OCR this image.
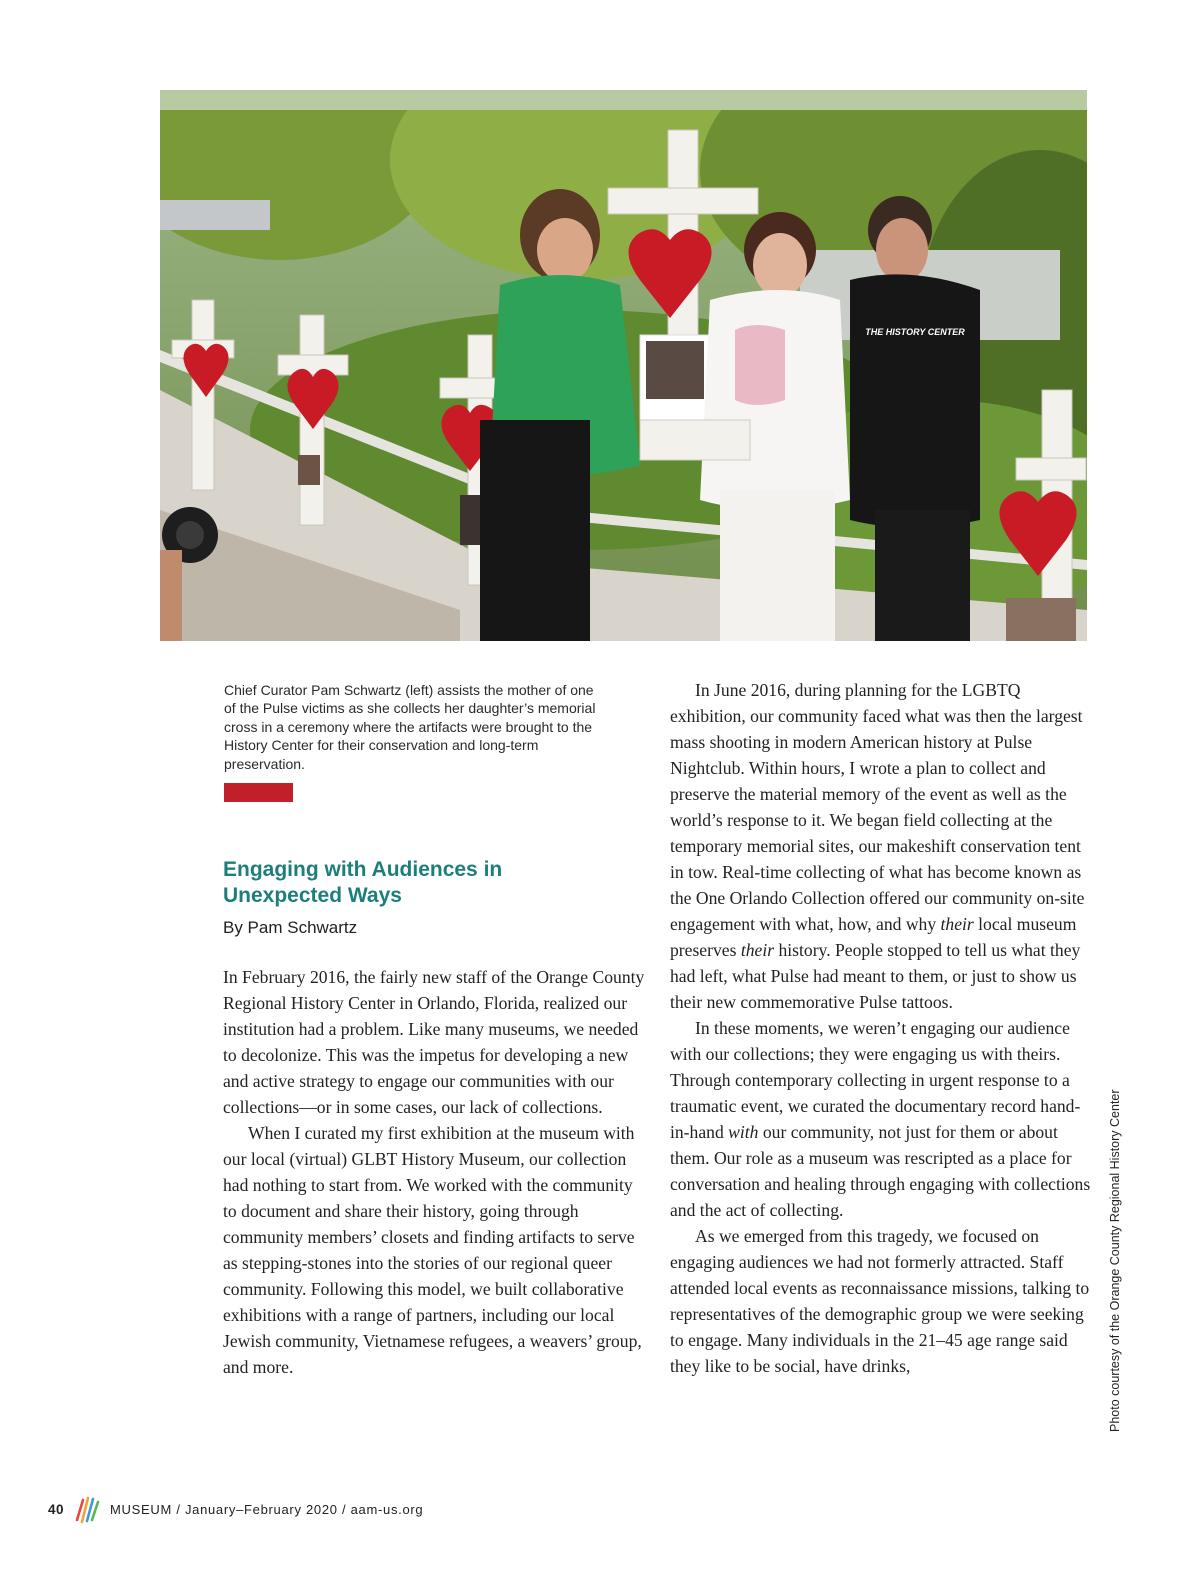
THE HISTORY CENTER

Chief Curator Pam Schwartz (left) assists the mother of one of the Pulse victims as she collects her daughter’s memorial cross in a ceremony where the artifacts were brought to the History Center for their conservation and long-term preservation.

Engaging with Audiences in Unexpected Ways

By Pam Schwartz

In February 2016, the fairly new staff of the Orange County Regional History Center in Orlando, Florida, realized our institution had a problem. Like many museums, we needed to decolonize. This was the impetus for developing a new and active strategy to engage our communities with our collections—or in some cases, our lack of collections.

When I curated my first exhibition at the museum with our local (virtual) GLBT History Museum, our collection had nothing to start from. We worked with the community to document and share their history, going through community members’ closets and finding artifacts to serve as stepping-stones into the stories of our regional queer community. Following this model, we built collaborative exhibitions with a range of partners, including our local Jewish community, Vietnamese refugees, a weavers’ group, and more.

In June 2016, during planning for the LGBTQ exhibition, our community faced what was then the largest mass shooting in modern American history at Pulse Nightclub. Within hours, I wrote a plan to collect and preserve the material memory of the event as well as the world’s response to it. We began field collecting at the temporary memorial sites, our makeshift conservation tent in tow. Real-time collecting of what has become known as the One Orlando Collection offered our community on-site engagement with what, how, and why their local museum preserves their history. People stopped to tell us what they had left, what Pulse had meant to them, or just to show us their new commemorative Pulse tattoos.

In these moments, we weren’t engaging our audience with our collections; they were engaging us with theirs. Through contemporary collecting in urgent response to a traumatic event, we curated the documentary record hand-in-hand with our community, not just for them or about them. Our role as a museum was rescripted as a place for conversation and healing through engaging with collections and the act of collecting.

As we emerged from this tragedy, we focused on engaging audiences we had not formerly attracted. Staff attended local events as reconnaissance missions, talking to representatives of the demographic group we were seeking to engage. Many individuals in the 21–45 age range said they like to be social, have drinks,	Photo courtesy of the Orange County Regional History Center

40	MUSEUM / January–February 2020 / aam-us.org
